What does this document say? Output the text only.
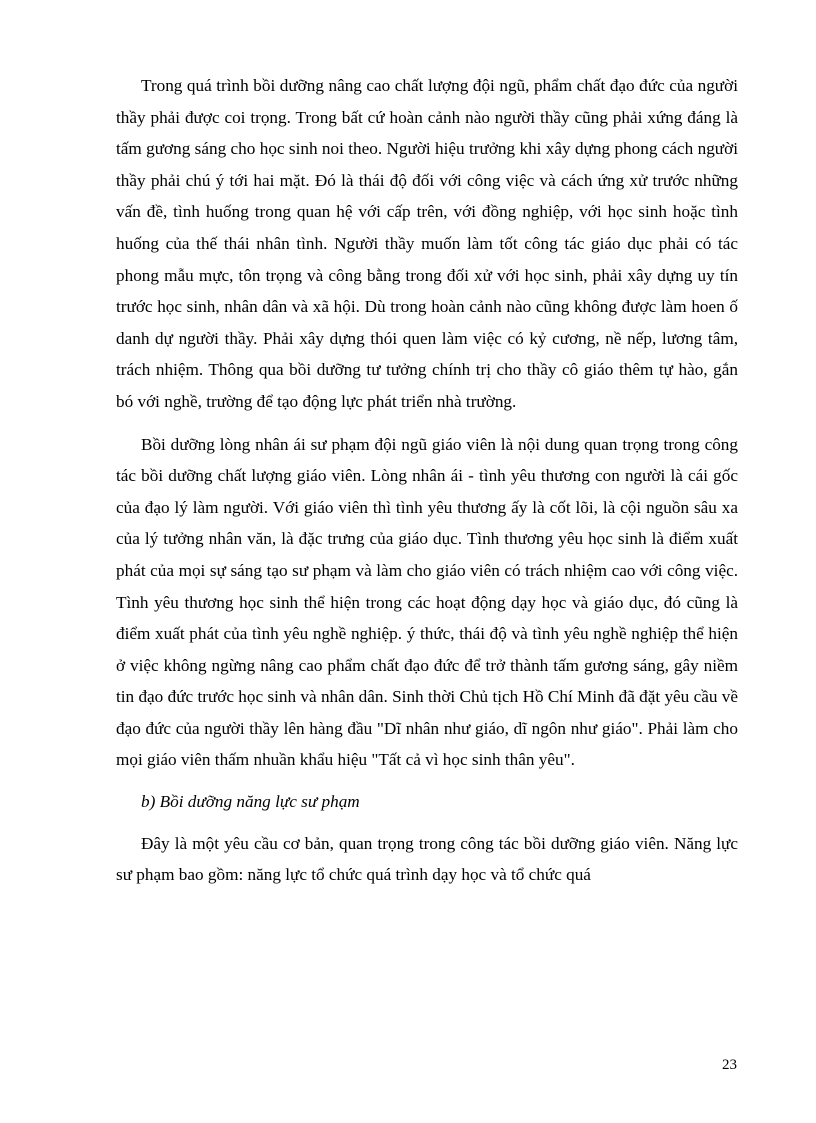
Trong quá trình bồi dưỡng nâng cao chất lượng đội ngũ, phẩm chất đạo đức của người thầy phải được coi trọng. Trong bất cứ hoàn cảnh nào người thầy cũng phải xứng đáng là tấm gương sáng cho học sinh noi theo. Người hiệu trưởng khi xây dựng phong cách người thầy phải chú ý tới hai mặt. Đó là thái độ đối với công việc và cách ứng xử trước những vấn đề, tình huống trong quan hệ với cấp trên, với đồng nghiệp, với học sinh hoặc tình huống của thế thái nhân tình. Người thầy muốn làm tốt công tác giáo dục phải có tác phong mẫu mực, tôn trọng và công bằng trong đối xử với học sinh, phải xây dựng uy tín trước học sinh, nhân dân và xã hội. Dù trong hoàn cảnh nào cũng không được làm hoen ố danh dự người thầy. Phải xây dựng thói quen làm việc có kỷ cương, nề nếp, lương tâm, trách nhiệm. Thông qua bồi dưỡng tư tưởng chính trị cho thầy cô giáo thêm tự hào, gắn bó với nghề, trường để tạo động lực phát triển nhà trường.

Bồi dưỡng lòng nhân ái sư phạm đội ngũ giáo viên là nội dung quan trọng trong công tác bồi dưỡng chất lượng giáo viên. Lòng nhân ái - tình yêu thương con người là cái gốc của đạo lý làm người. Với giáo viên thì tình yêu thương ấy là cốt lõi, là cội nguồn sâu xa của lý tưởng nhân văn, là đặc trưng của giáo dục. Tình thương yêu học sinh là điểm xuất phát của mọi sự sáng tạo sư phạm và làm cho giáo viên có trách nhiệm cao với công việc. Tình yêu thương học sinh thể hiện trong các hoạt động dạy học và giáo dục, đó cũng là điểm xuất phát của tình yêu nghề nghiệp. ý thức, thái độ và tình yêu nghề nghiệp thể hiện ở việc không ngừng nâng cao phẩm chất đạo đức để trở thành tấm gương sáng, gây niềm tin đạo đức trước học sinh và nhân dân. Sinh thời Chủ tịch Hồ Chí Minh đã đặt yêu cầu về đạo đức của người thầy lên hàng đầu "Dĩ nhân như giáo, dĩ ngôn như giáo". Phải làm cho mọi giáo viên thấm nhuần khẩu hiệu "Tất cả vì học sinh thân yêu".

b) Bồi dưỡng năng lực sư phạm

Đây là một yêu cầu cơ bản, quan trọng trong công tác bồi dưỡng giáo viên. Năng lực sư phạm bao gồm: năng lực tổ chức quá trình dạy học và tổ chức quá

23
